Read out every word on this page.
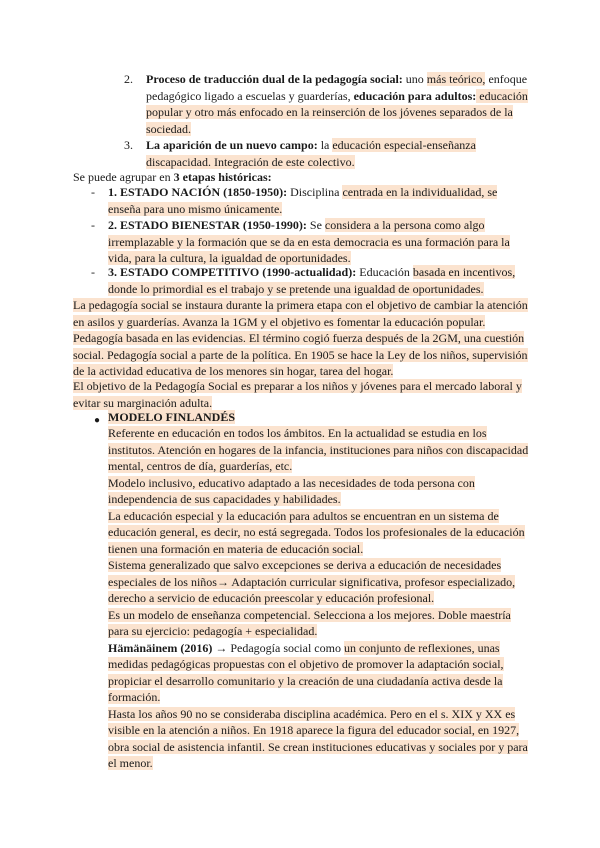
2. Proceso de traducción dual de la pedagogía social: uno más teórico, enfoque pedagógico ligado a escuelas y guarderías, educación para adultos: educación popular y otro más enfocado en la reinserción de los jóvenes separados de la sociedad.
3. La aparición de un nuevo campo: la educación especial-enseñanza discapacidad. Integración de este colectivo.
Se puede agrupar en 3 etapas históricas:
- 1. ESTADO NACIÓN (1850-1950): Disciplina centrada en la individualidad, se enseña para uno mismo únicamente.
- 2. ESTADO BIENESTAR (1950-1990): Se considera a la persona como algo irremplazable y la formación que se da en esta democracia es una formación para la vida, para la cultura, la igualdad de oportunidades.
- 3. ESTADO COMPETITIVO (1990-actualidad): Educación basada en incentivos, donde lo primordial es el trabajo y se pretende una igualdad de oportunidades.
La pedagogía social se instaura durante la primera etapa con el objetivo de cambiar la atención en asilos y guarderías. Avanza la 1GM y el objetivo es fomentar la educación popular. Pedagogía basada en las evidencias. El término cogió fuerza después de la 2GM, una cuestión social. Pedagogía social a parte de la política. En 1905 se hace la Ley de los niños, supervisión de la actividad educativa de los menores sin hogar, tarea del hogar.
El objetivo de la Pedagogía Social es preparar a los niños y jóvenes para el mercado laboral y evitar su marginación adulta.
● MODELO FINLANDÉS
Referente en educación en todos los ámbitos. En la actualidad se estudia en los institutos. Atención en hogares de la infancia, instituciones para niños con discapacidad mental, centros de día, guarderías, etc.
Modelo inclusivo, educativo adaptado a las necesidades de toda persona con independencia de sus capacidades y habilidades.
La educación especial y la educación para adultos se encuentran en un sistema de educación general, es decir, no está segregada. Todos los profesionales de la educación tienen una formación en materia de educación social.
Sistema generalizado que salvo excepciones se deriva a educación de necesidades especiales de los niños→ Adaptación curricular significativa, profesor especializado, derecho a servicio de educación preescolar y educación profesional.
Es un modelo de enseñanza competencial. Selecciona a los mejores. Doble maestría para su ejercicio: pedagogía + especialidad.
Hämänäinem (2016) → Pedagogía social como un conjunto de reflexiones, unas medidas pedagógicas propuestas con el objetivo de promover la adaptación social, propiciar el desarrollo comunitario y la creación de una ciudadanía activa desde la formación.
Hasta los años 90 no se consideraba disciplina académica. Pero en el s. XIX y XX es visible en la atención a niños. En 1918 aparece la figura del educador social, en 1927, obra social de asistencia infantil. Se crean instituciones educativas y sociales por y para el menor.
